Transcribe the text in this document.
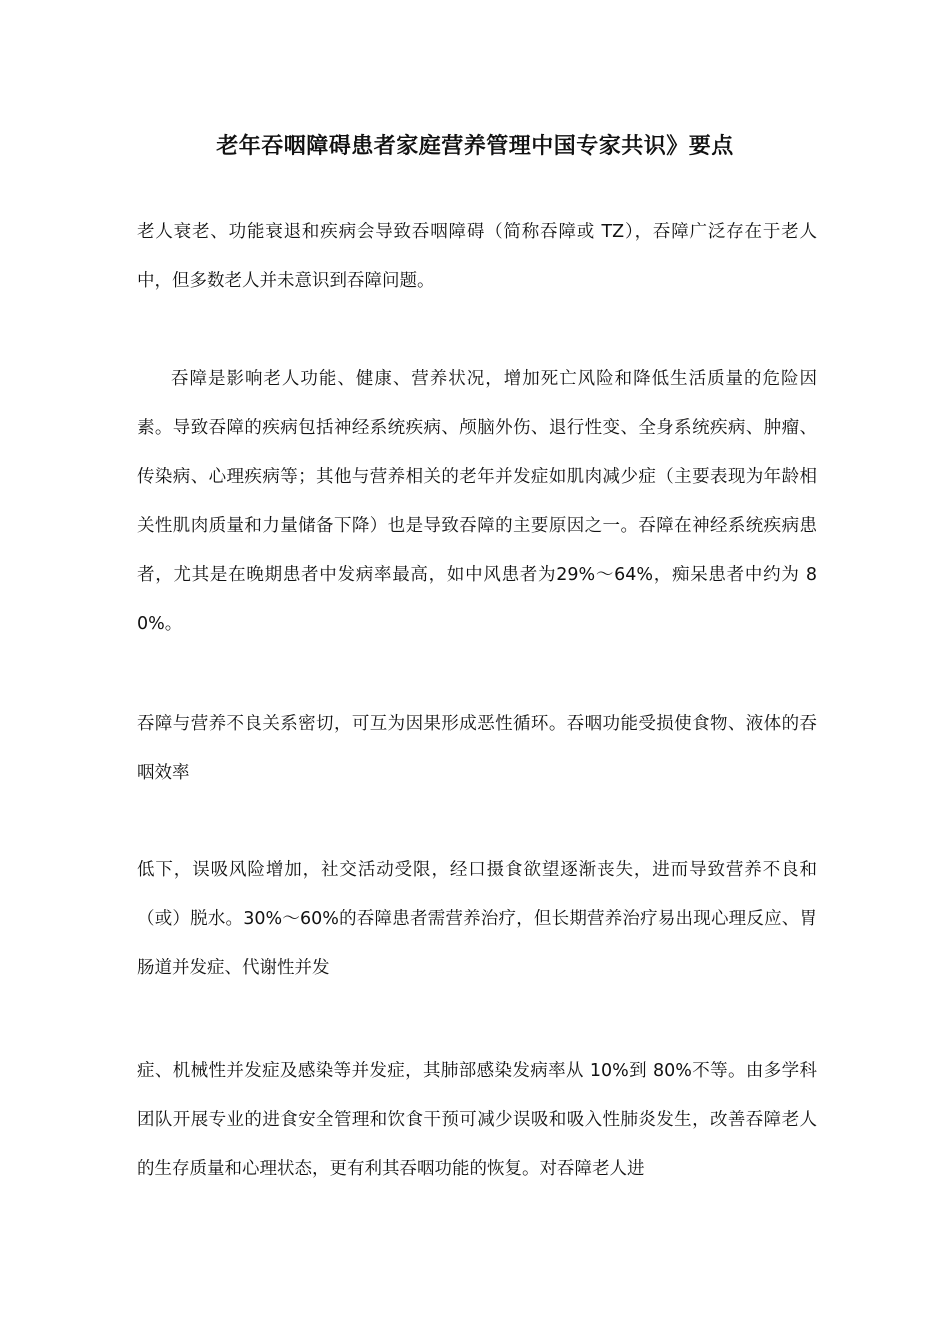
老年吞咽障碍患者家庭营养管理中国专家共识》要点

老人衰老、功能衰退和疾病会导致吞咽障碍（简称吞障或 TZ），吞障广泛存在于老人中，但多数老人并未意识到吞障问题。

吞障是影响老人功能、健康、营养状况，增加死亡风险和降低生活质量的危险因素。导致吞障的疾病包括神经系统疾病、颅脑外伤、退行性变、全身系统疾病、肿瘤、传染病、心理疾病等；其他与营养相关的老年并发症如肌肉减少症（主要表现为年龄相关性肌肉质量和力量储备下降）也是导致吞障的主要原因之一。吞障在神经系统疾病患者，尤其是在晚期患者中发病率最高，如中风患者为29%〜64%，痴呆患者中约为 80%。

吞障与营养不良关系密切，可互为因果形成恶性循环。吞咽功能受损使食物、液体的吞咽效率

低下，误吸风险增加，社交活动受限，经口摄食欲望逐渐丧失，进而导致营养不良和（或）脱水。30%〜60%的吞障患者需营养治疗，但长期营养治疗易出现心理反应、胃肠道并发症、代谢性并发

症、机械性并发症及感染等并发症，其肺部感染发病率从 10%到 80%不等。由多学科团队开展专业的进食安全管理和饮食干预可减少误吸和吸入性肺炎发生，改善吞障老人的生存质量和心理状态，更有利其吞咽功能的恢复。对吞障老人进
